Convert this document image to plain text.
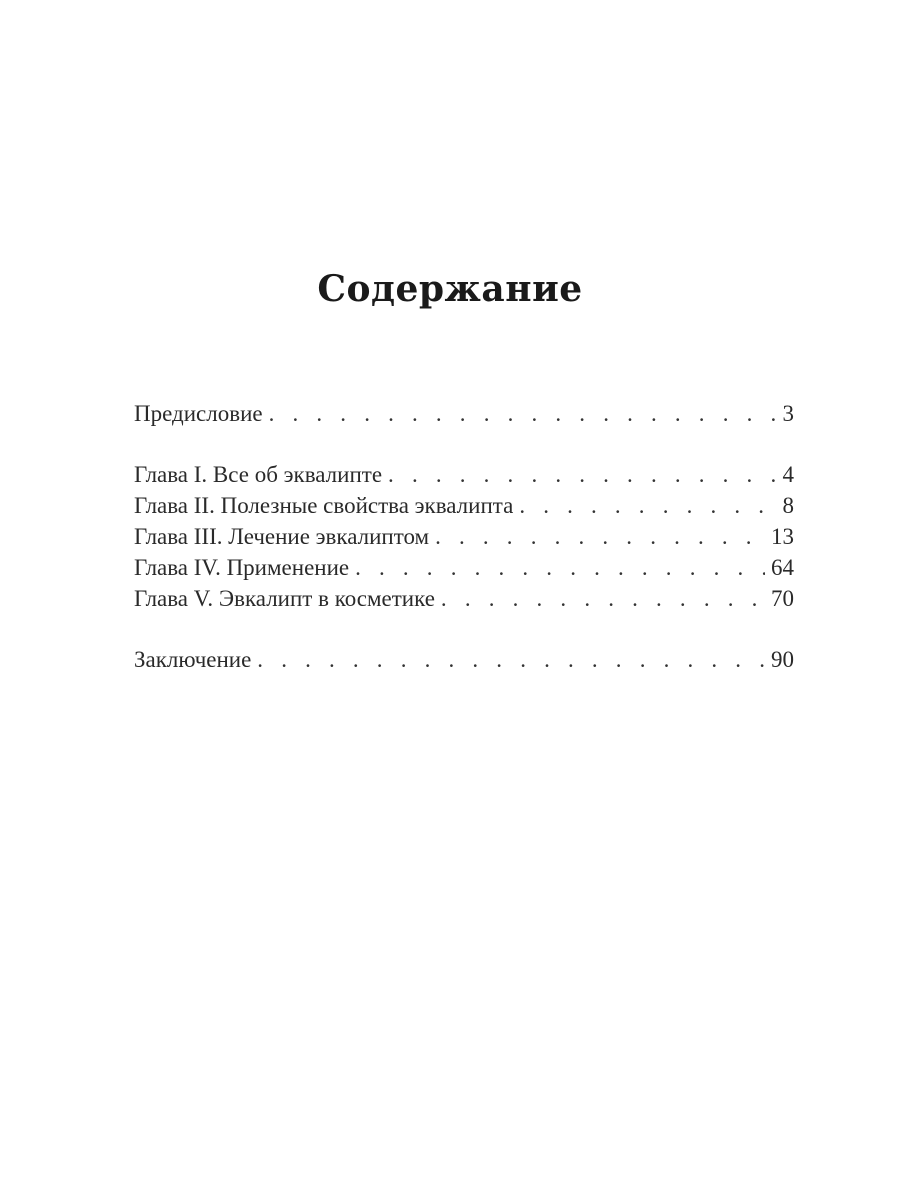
Содержание
Предисловие . . .	3
Глава I. Все об эквалипте . . .	4
Глава II. Полезные свойства эквалипта . . .	8
Глава III. Лечение эвкалиптом . . .	13
Глава IV. Применение . . .	64
Глава V. Эвкалипт в косметике . . .	70
Заключение . . .	90
